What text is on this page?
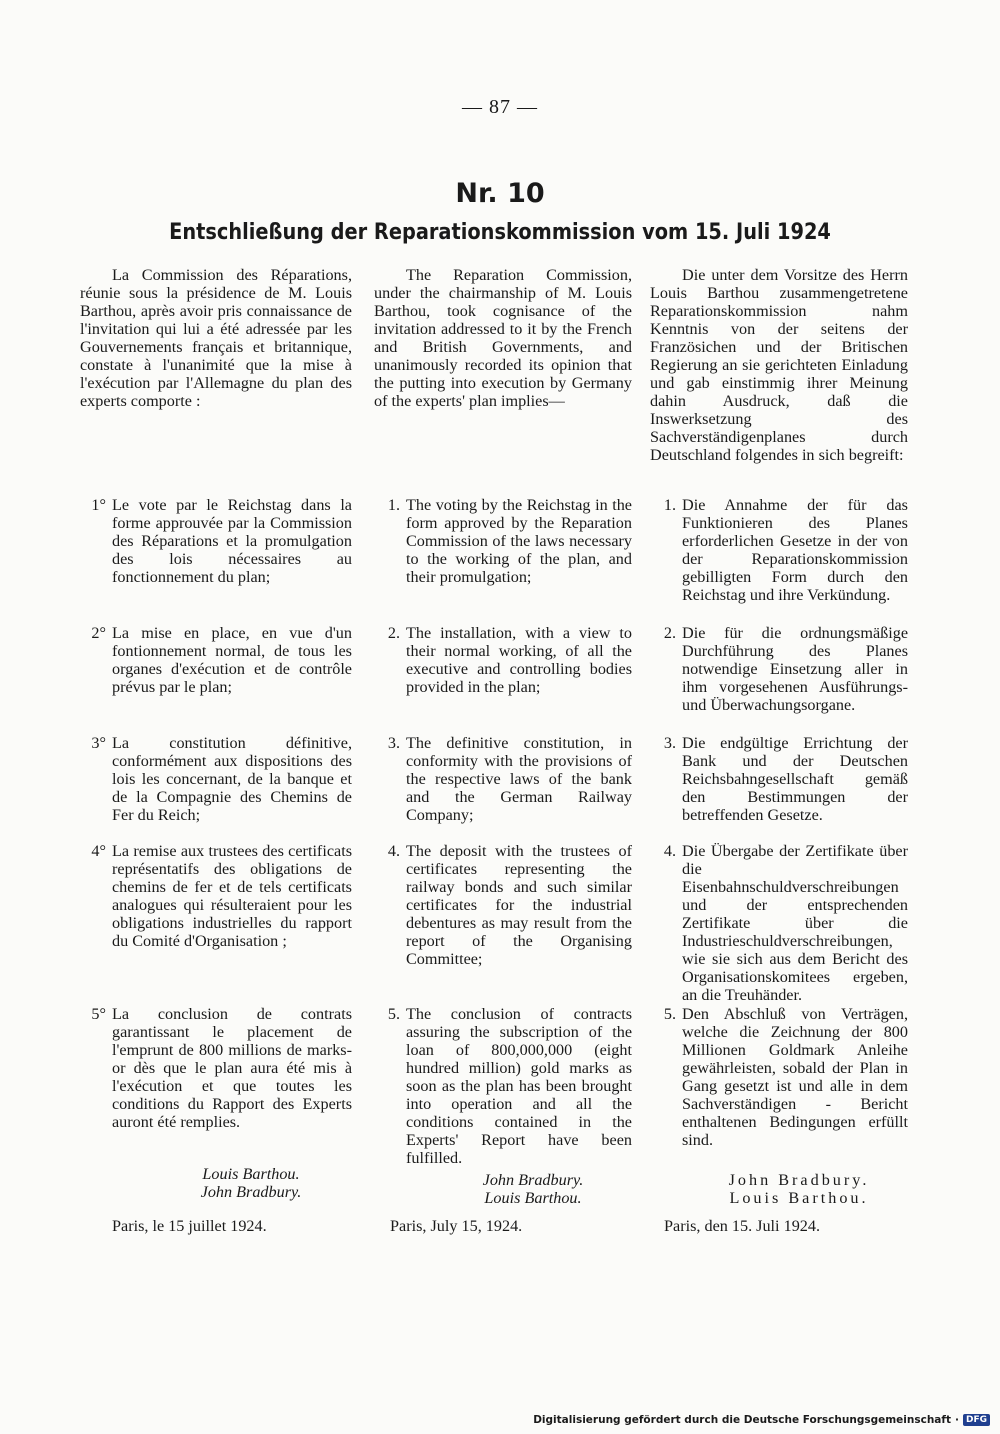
— 87 —
Nr. 10
Entschließung der Reparationskommission vom 15. Juli 1924

La Commission des Réparations, réunie sous la présidence de M. Louis Barthou, après avoir pris connaissance de l'invitation qui lui a été adressée par les Gouvernements français et britannique, constate à l'unanimité que la mise à l'exécution par l'Allemagne du plan des experts comporte :

1° Le vote par le Reichstag dans la forme approuvée par la Commission des Réparations et la promulgation des lois nécessaires au fonctionnement du plan;
2° La mise en place, en vue d'un fontionnement normal, de tous les organes d'exécution et de contrôle prévus par le plan;
3° La constitution définitive, conformément aux dispositions des lois les concernant, de la banque et de la Compagnie des Chemins de Fer du Reich;
4° La remise aux trustees des certificats représentatifs des obligations de chemins de fer et de tels certificats analogues qui résulteraient pour les obligations industrielles du rapport du Comité d'Organisation ;
5° La conclusion de contrats garantissant le placement de l'emprunt de 800 millions de marks-or dès que le plan aura été mis à l'exécution et que toutes les conditions du Rapport des Experts auront été remplies.

Louis Barthou.

John Bradbury.

Paris, le 15 juillet 1924.

The Reparation Commission, under the chairmanship of M. Louis Barthou, took cognisance of the invitation addressed to it by the French and British Governments, and unanimously recorded its opinion that the putting into execution by Germany of the experts' plan implies—

1. The voting by the Reichstag in the form approved by the Reparation Commission of the laws necessary to the working of the plan, and their promulgation;
2. The installation, with a view to their normal working, of all the executive and controlling bodies provided in the plan;
3. The definitive constitution, in conformity with the provisions of the respective laws of the bank and the German Railway Company;
4. The deposit with the trustees of certificates representing the railway bonds and such similar certificates for the industrial debentures as may result from the report of the Organising Committee;
5. The conclusion of contracts assuring the subscription of the loan of 800,000,000 (eight hundred million) gold marks as soon as the plan has been brought into operation and all the conditions contained in the Experts' Report have been fulfilled.

John Bradbury.

Louis Barthou.

Paris, July 15, 1924.

Die unter dem Vorsitze des Herrn Louis Barthou zusammengetretene Reparationskommission nahm Kenntnis von der seitens der Französichen und der Britischen Regierung an sie gerichteten Einladung und gab einstimmig ihrer Meinung dahin Ausdruck, daß die Inswerksetzung des Sachverständigenplanes durch Deutschland folgendes in sich begreift:

1. Die Annahme der für das Funktionieren des Planes erforderlichen Gesetze in der von der Reparationskommission gebilligten Form durch den Reichstag und ihre Verkündung.
2. Die für die ordnungsmäßige Durchführung des Planes notwendige Einsetzung aller in ihm vorgesehenen Ausführungs- und Überwachungsorgane.
3. Die endgültige Errichtung der Bank und der Deutschen Reichsbahngesellschaft gemäß den Bestimmungen der betreffenden Gesetze.
4. Die Übergabe der Zertifikate über die Eisenbahnschuldverschreibungen und der entsprechenden Zertifikate über die Industrieschuldverschreibungen, wie sie sich aus dem Bericht des Organisationskomitees ergeben, an die Treuhänder.
5. Den Abschluß von Verträgen, welche die Zeichnung der 800 Millionen Goldmark Anleihe gewährleisten, sobald der Plan in Gang gesetzt ist und alle in dem Sachverständigen - Bericht enthaltenen Bedingungen erfüllt sind.

John Bradbury.

Louis Barthou.

Paris, den 15. Juli 1924.

Digitalisierung gefördert durch die Deutsche Forschungsgemeinschaft · DFG
